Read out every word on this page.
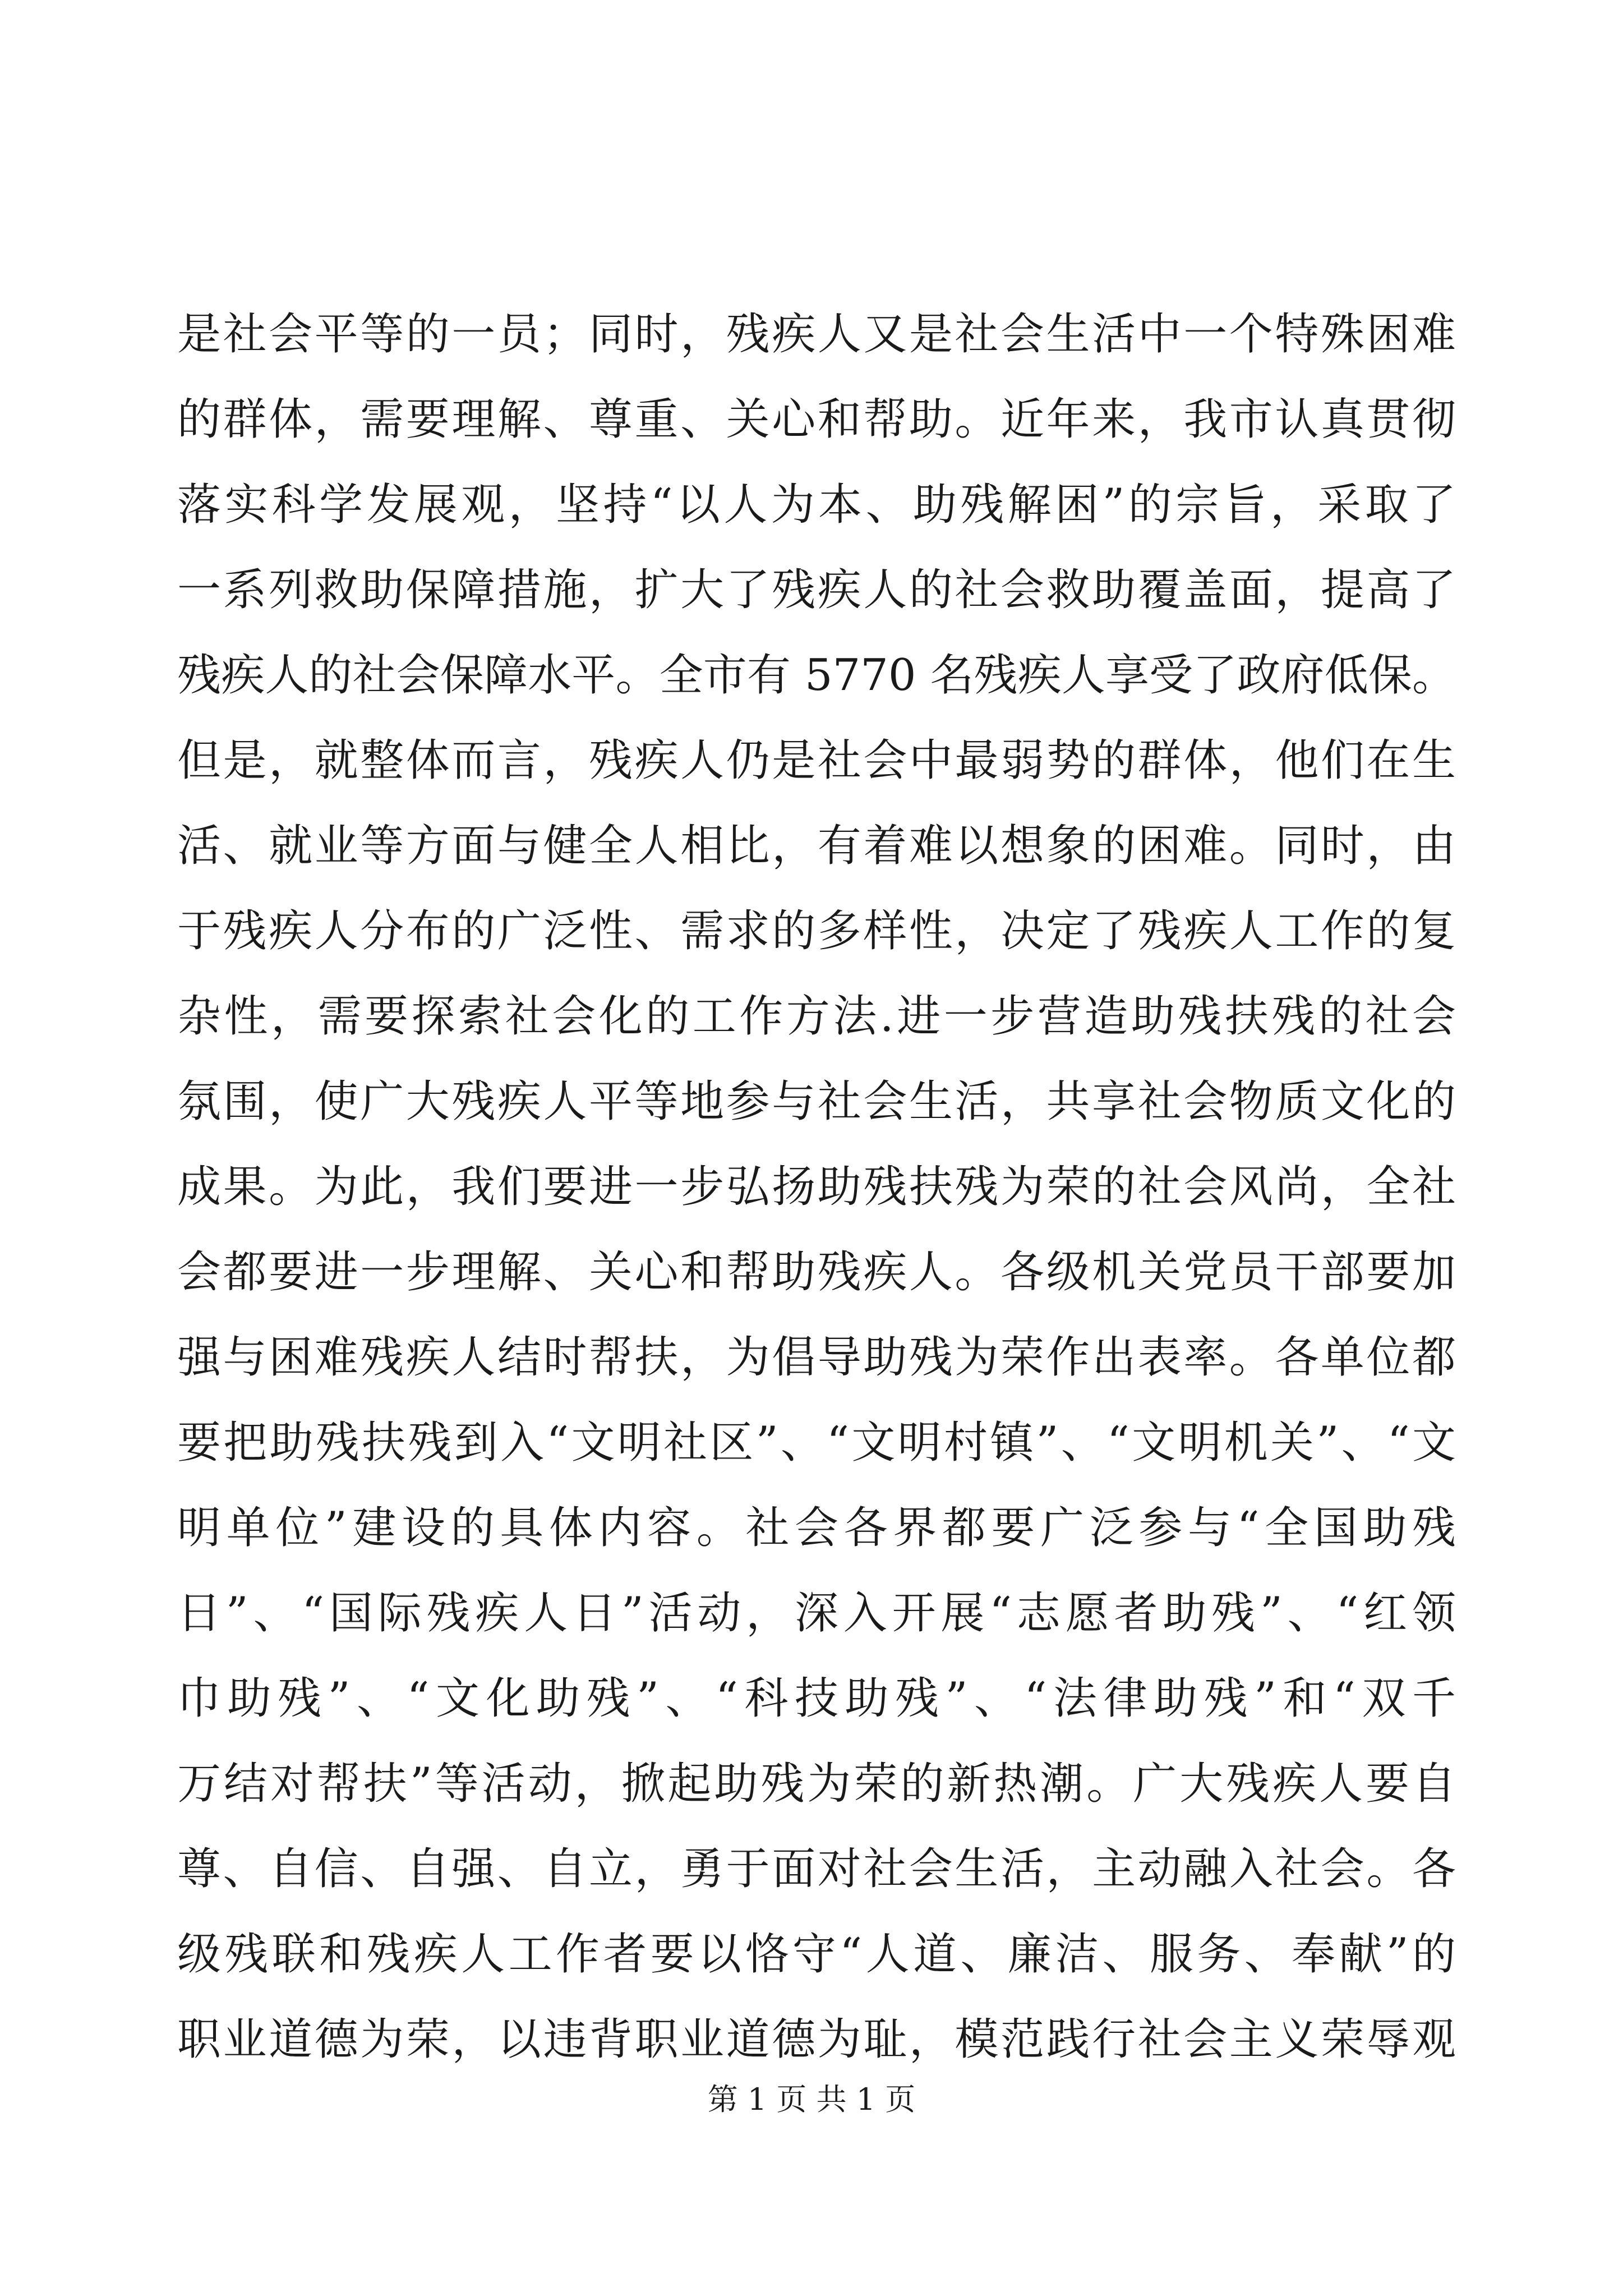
是社会平等的一员；同时，残疾人又是社会生活中一个特殊困难
的群体，需要理解、尊重、关心和帮助。近年来，我市认真贯彻
落实科学发展观，坚持“以人为本、助残解困”的宗旨，采取了
一系列救助保障措施，扩大了残疾人的社会救助覆盖面，提高了
残疾人的社会保障水平。全市有 5770 名残疾人享受了政府低保。
但是，就整体而言，残疾人仍是社会中最弱势的群体，他们在生
活、就业等方面与健全人相比，有着难以想象的困难。同时，由
于残疾人分布的广泛性、需求的多样性，决定了残疾人工作的复
杂性，需要探索社会化的工作方法.进一步营造助残扶残的社会
氛围，使广大残疾人平等地参与社会生活，共享社会物质文化的
成果。为此，我们要进一步弘扬助残扶残为荣的社会风尚，全社
会都要进一步理解、关心和帮助残疾人。各级机关党员干部要加
强与困难残疾人结时帮扶，为倡导助残为荣作出表率。各单位都
要把助残扶残到入“文明社区”、“文明村镇”、“文明机关”、“文
明单位”建设的具体内容。社会各界都要广泛参与“全国助残
日”、“国际残疾人日”活动，深入开展“志愿者助残”、“红领
巾助残”、“文化助残”、“科技助残”、“法律助残”和“双千
万结对帮扶”等活动，掀起助残为荣的新热潮。广大残疾人要自
尊、自信、自强、自立，勇于面对社会生活，主动融入社会。各
级残联和残疾人工作者要以恪守“人道、廉洁、服务、奉献”的
职业道德为荣，以违背职业道德为耻，模范践行社会主义荣辱观
第 1 页 共 1 页
